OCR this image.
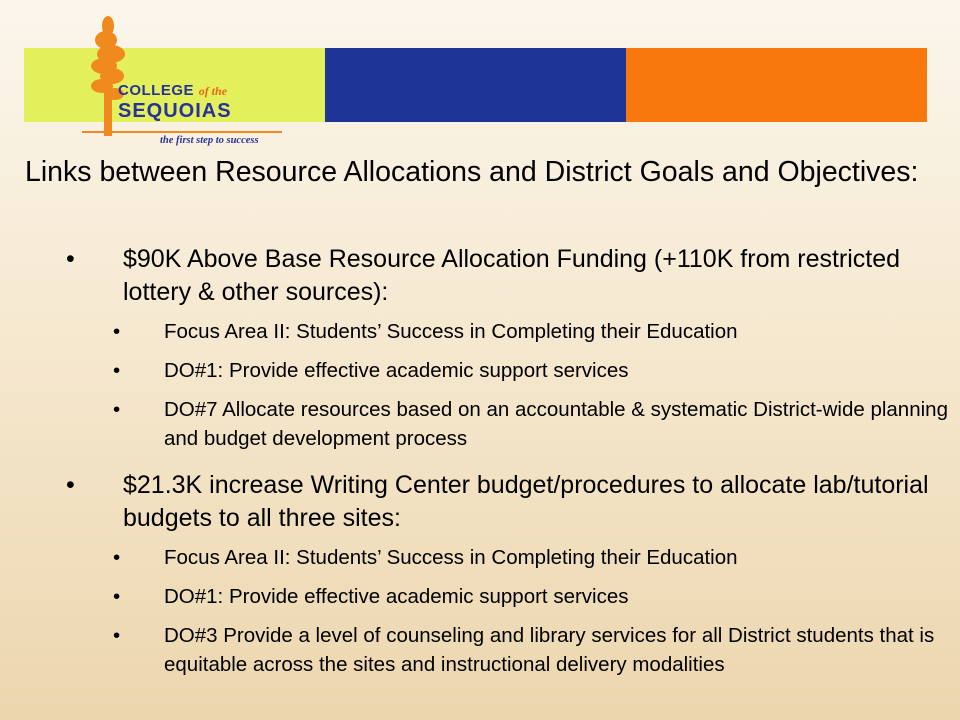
COLLEGE of the
SEQUOIAS
the first step to success
Links between Resource Allocations and District Goals and Objectives:
• $90K Above Base Resource Allocation Funding (+110K from restricted lottery & other sources):
• Focus Area II: Students’ Success in Completing their Education
• DO#1: Provide effective academic support services
• DO#7 Allocate resources based on an accountable & systematic District-wide planning and budget development process
• $21.3K increase Writing Center budget/procedures to allocate lab/tutorial budgets to all three sites:
• Focus Area II: Students’ Success in Completing their Education
• DO#1: Provide effective academic support services
• DO#3 Provide a level of counseling and library services for all District students that is equitable across the sites and instructional delivery modalities
